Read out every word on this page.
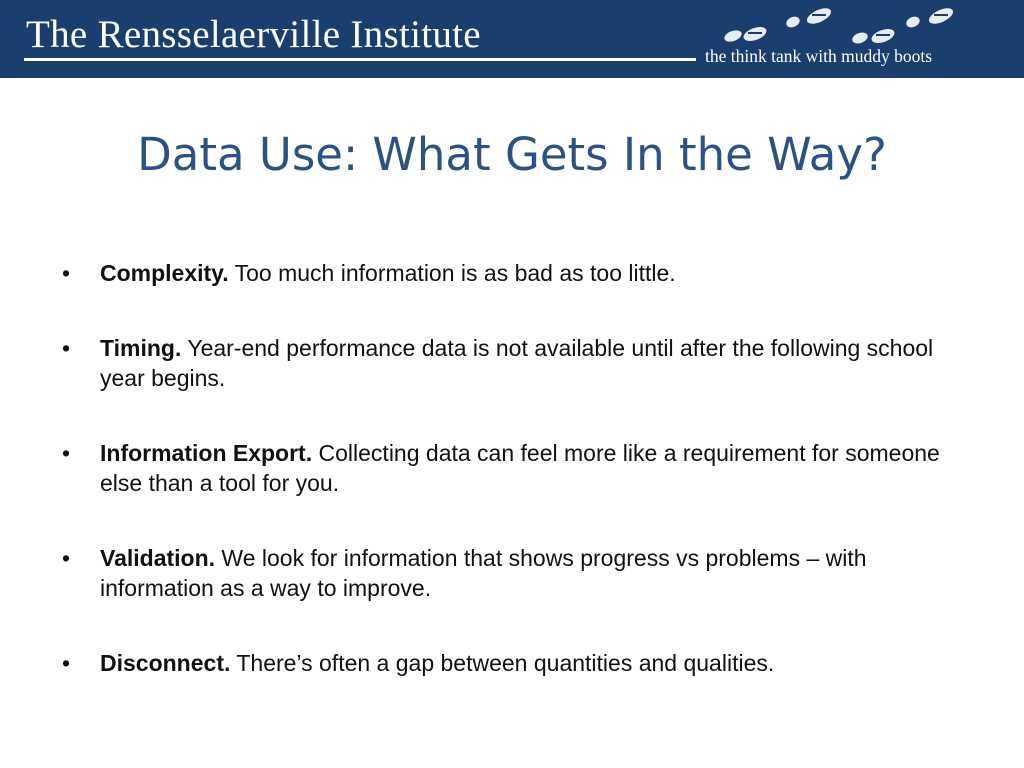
The Rensselaerville Institute	the think tank with muddy boots
Data Use: What Gets In the Way?
• Complexity. Too much information is as bad as too little.
• Timing. Year-end performance data is not available until after the following school year begins.
• Information Export. Collecting data can feel more like a requirement for someone else than a tool for you.
• Validation. We look for information that shows progress vs problems – with information as a way to improve.
• Disconnect. There’s often a gap between quantities and qualities.
